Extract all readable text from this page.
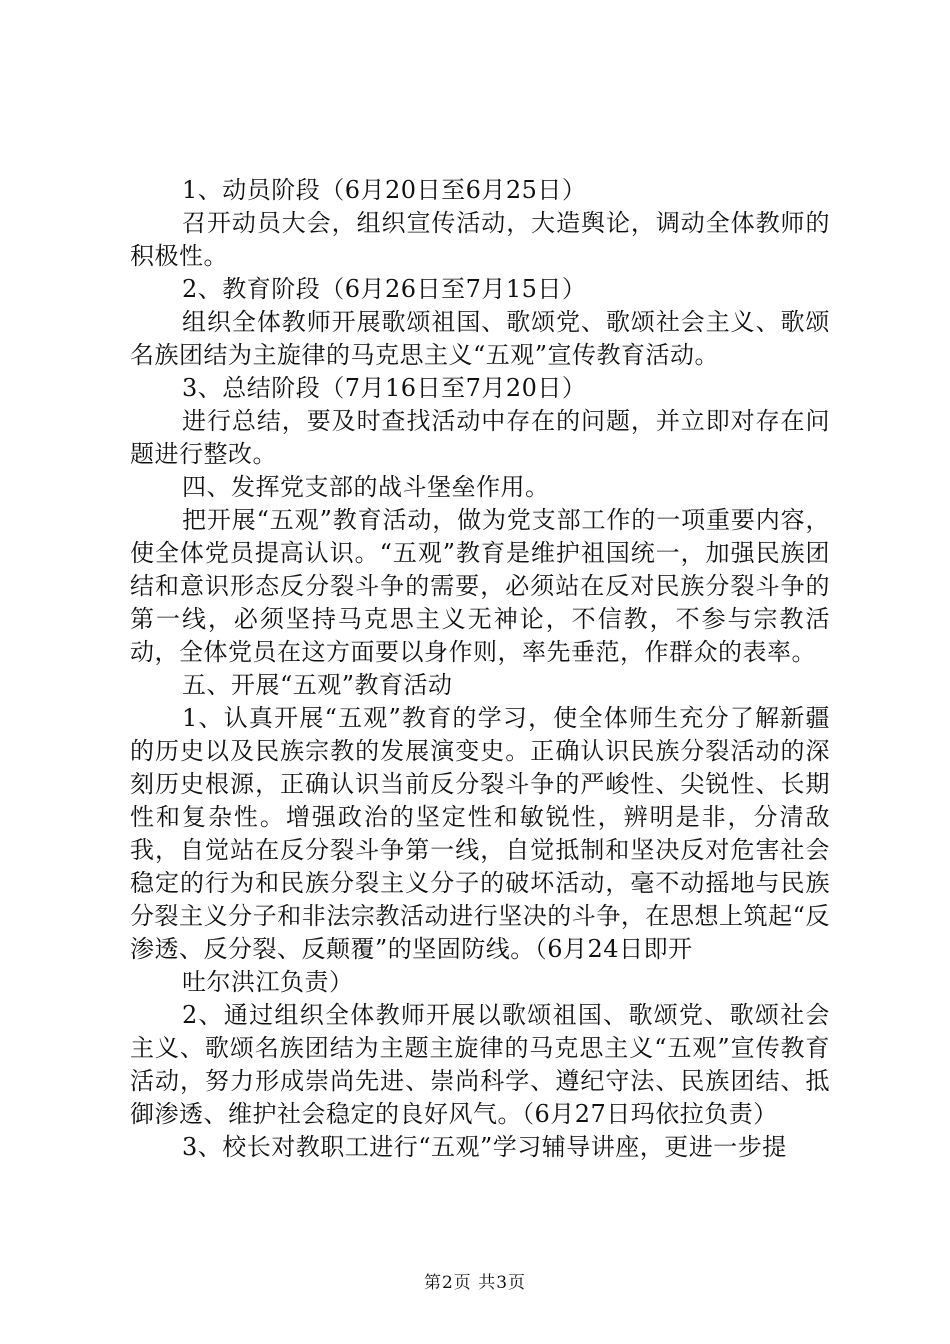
1、动员阶段（6月20日至6月25日）

召开动员大会，组织宣传活动，大造舆论，调动全体教师的积极性。

2、教育阶段（6月26日至7月15日）

组织全体教师开展歌颂祖国、歌颂党、歌颂社会主义、歌颂名族团结为主旋律的马克思主义“五观”宣传教育活动。

3、总结阶段（7月16日至7月20日）

进行总结，要及时查找活动中存在的问题，并立即对存在问题进行整改。

四、发挥党支部的战斗堡垒作用。

把开展“五观”教育活动，做为党支部工作的一项重要内容，使全体党员提高认识。“五观”教育是维护祖国统一，加强民族团结和意识形态反分裂斗争的需要，必须站在反对民族分裂斗争的第一线，必须坚持马克思主义无神论，不信教，不参与宗教活动，全体党员在这方面要以身作则，率先垂范，作群众的表率。

五、开展“五观”教育活动

1、认真开展“五观”教育的学习，使全体师生充分了解新疆的历史以及民族宗教的发展演变史。正确认识民族分裂活动的深刻历史根源，正确认识当前反分裂斗争的严峻性、尖锐性、长期性和复杂性。增强政治的坚定性和敏锐性，辨明是非，分清敌我，自觉站在反分裂斗争第一线，自觉抵制和坚决反对危害社会稳定的行为和民族分裂主义分子的破坏活动，毫不动摇地与民族分裂主义分子和非法宗教活动进行坚决的斗争，在思想上筑起“反渗透、反分裂、反颠覆”的坚固防线。（6月24日即开

吐尔洪江负责）

2、通过组织全体教师开展以歌颂祖国、歌颂党、歌颂社会主义、歌颂名族团结为主题主旋律的马克思主义“五观”宣传教育活动，努力形成崇尚先进、崇尚科学、遵纪守法、民族团结、抵御渗透、维护社会稳定的良好风气。（6月27日玛依拉负责）

3、校长对教职工进行“五观”学习辅导讲座，更进一步提

第2页 共3页
